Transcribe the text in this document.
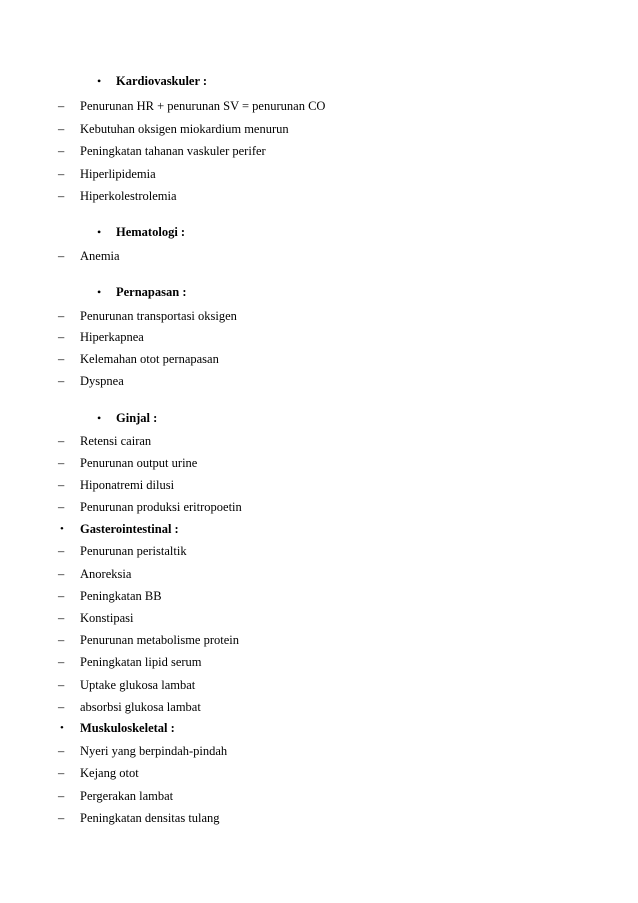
• Kardiovaskuler :
– Penurunan HR + penurunan SV = penurunan CO
– Kebutuhan oksigen miokardium menurun
– Peningkatan tahanan vaskuler perifer
– Hiperlipidemia
– Hiperkolestrolemia
• Hematologi :
– Anemia
• Pernapasan :
– Penurunan transportasi oksigen
– Hiperkapnea
– Kelemahan otot pernapasan
– Dyspnea
• Ginjal :
– Retensi cairan
– Penurunan output urine
– Hiponatremi dilusi
– Penurunan produksi eritropoetin
• Gasterointestinal :
– Penurunan peristaltik
– Anoreksia
– Peningkatan BB
– Konstipasi
– Penurunan metabolisme protein
– Peningkatan lipid serum
– Uptake glukosa lambat
– absorbsi glukosa lambat
• Muskuloskeletal :
– Nyeri yang berpindah-pindah
– Kejang otot
– Pergerakan lambat
– Peningkatan densitas tulang
